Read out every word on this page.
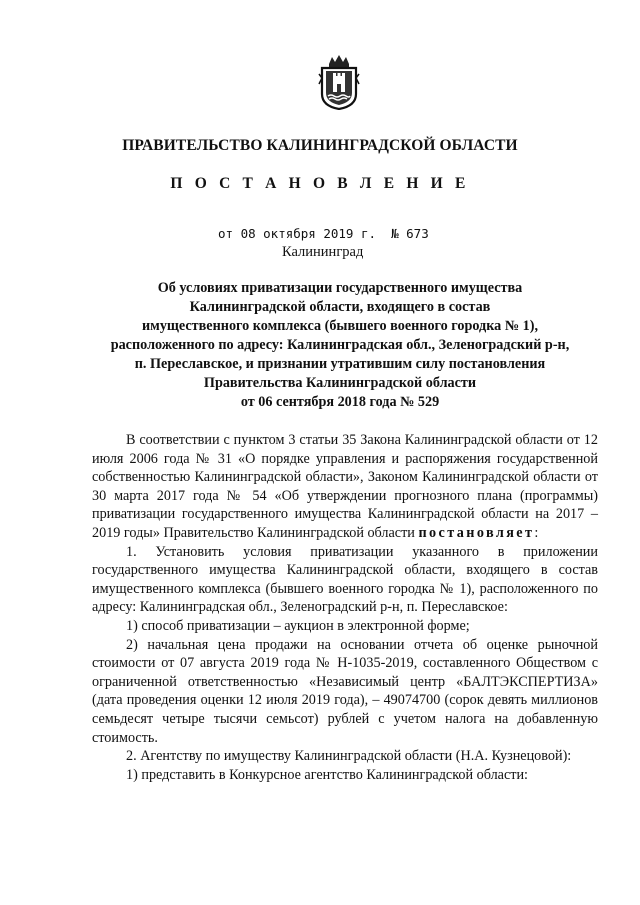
ПРАВИТЕЛЬСТВО КАЛИНИНГРАДСКОЙ ОБЛАСТИ
П О С Т А Н О В Л Е Н И Е
от 08 октября 2019 г.  № 673
Калининград
Об условиях приватизации государственного имущества
Калининградской области, входящего в состав
имущественного комплекса (бывшего военного городка № 1),
расположенного по адресу: Калининградская обл., Зеленоградский р-н,
п. Переславское, и признании утратившим силу постановления
Правительства Калининградской области
от 06 сентября 2018 года № 529

В соответствии с пунктом 3 статьи 35 Закона Калининградской области от 12 июля 2006 года № 31 «О порядке управления и распоряжения государственной собственностью Калининградской области», Законом Калининградской области от 30 марта 2017 года № 54 «Об утверждении прогнозного плана (программы) приватизации государственного имущества Калининградской области на 2017 – 2019 годы» Правительство Калининградской области постановляет:

1. Установить условия приватизации указанного в приложении государственного имущества Калининградской области, входящего в состав имущественного комплекса (бывшего военного городка № 1), расположенного по адресу: Калининградская обл., Зеленоградский р-н, п. Переславское:

1) способ приватизации – аукцион в электронной форме;

2) начальная цена продажи на основании отчета об оценке рыночной стоимости от 07 августа 2019 года № Н-1035-2019, составленного Обществом с ограниченной ответственностью «Независимый центр «БАЛТЭКСПЕРТИЗА» (дата проведения оценки 12 июля 2019 года), – 49074700 (сорок девять миллионов семьдесят четыре тысячи семьсот) рублей с учетом налога на добавленную стоимость.

2. Агентству по имуществу Калининградской области (Н.А. Кузнецовой):

1) представить в Конкурсное агентство Калининградской области:
